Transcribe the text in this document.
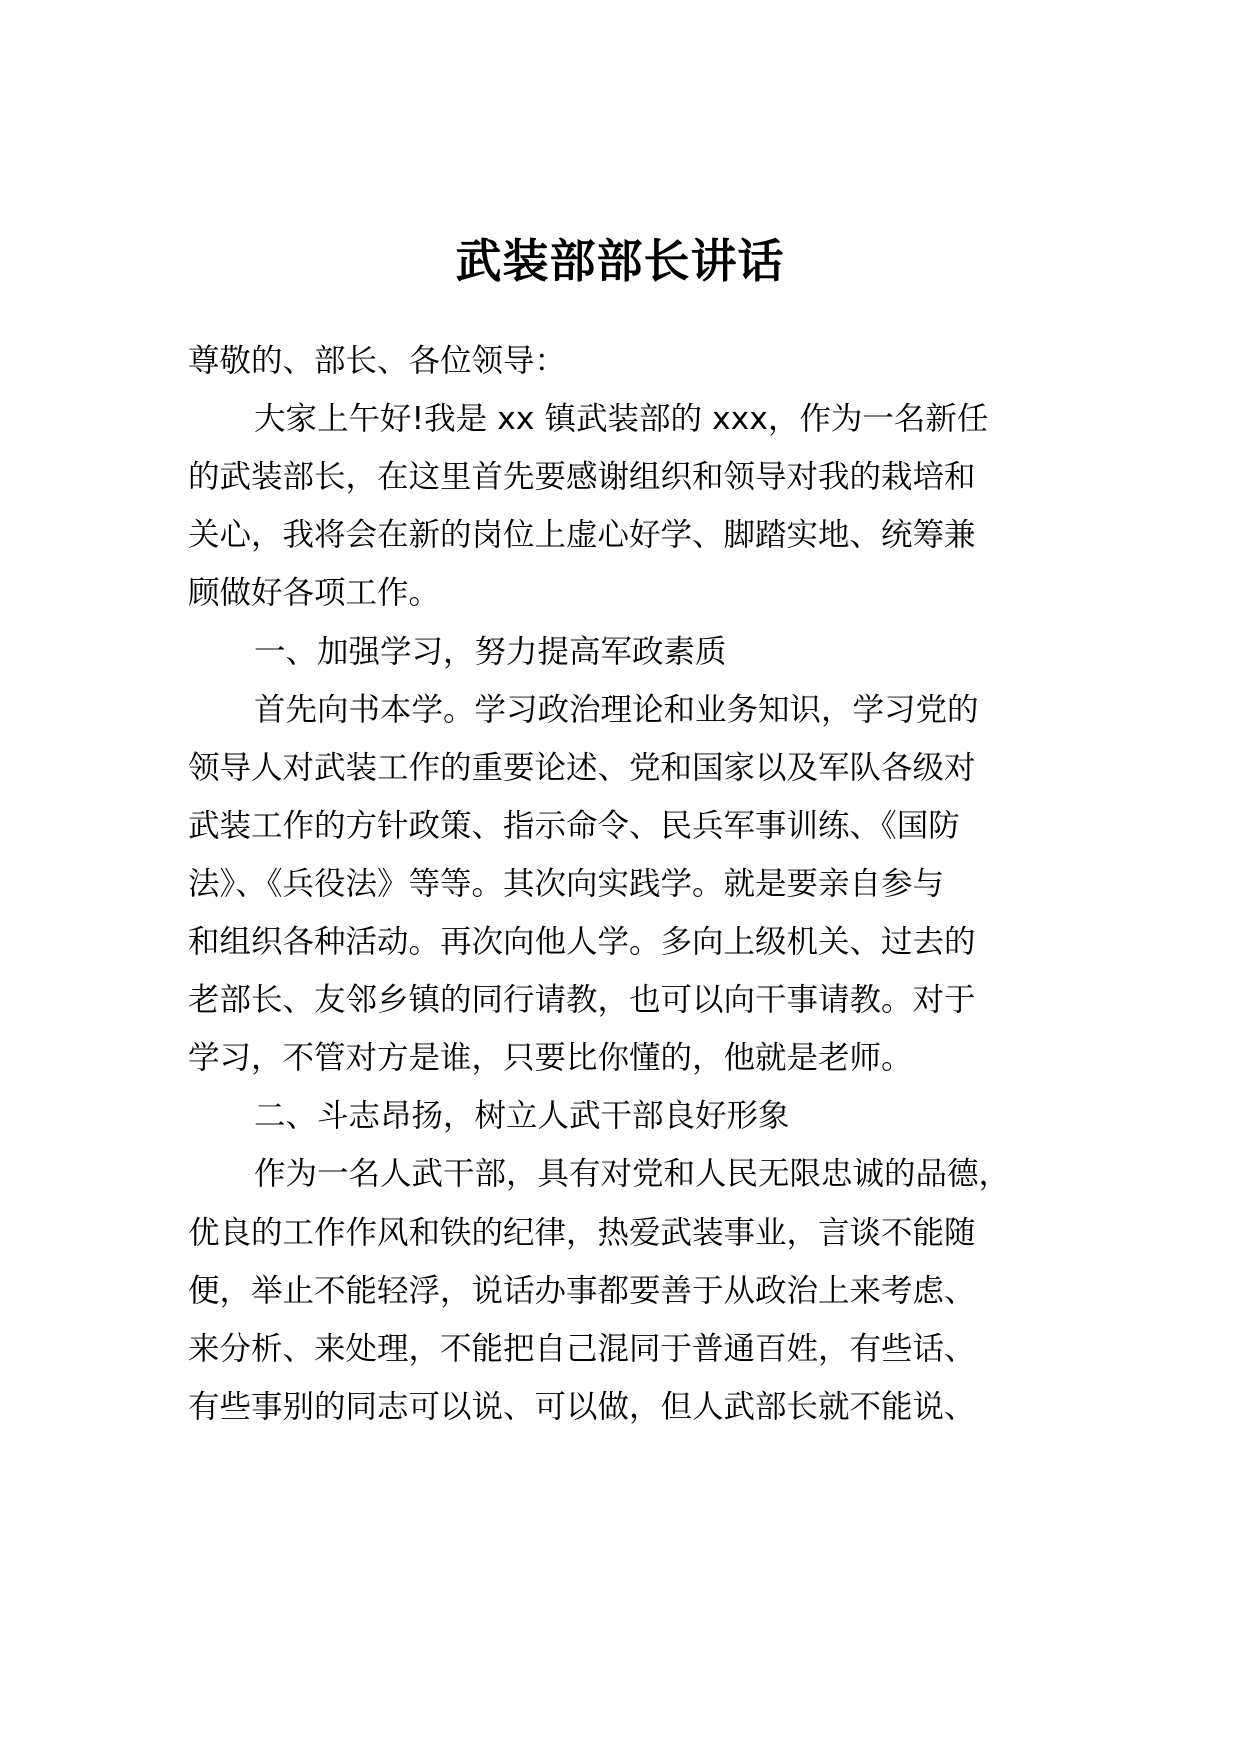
武装部部长讲话
尊敬的、部长、各位领导：
大家上午好!我是 xx 镇武装部的 xxx，作为一名新任
的武装部长，在这里首先要感谢组织和领导对我的栽培和
关心，我将会在新的岗位上虚心好学、脚踏实地、统筹兼
顾做好各项工作。
一、加强学习，努力提高军政素质
首先向书本学。学习政治理论和业务知识，学习党的
领导人对武装工作的重要论述、党和国家以及军队各级对
武装工作的方针政策、指示命令、民兵军事训练、《国防
法》、《兵役法》等等。其次向实践学。就是要亲自参与
和组织各种活动。再次向他人学。多向上级机关、过去的
老部长、友邻乡镇的同行请教，也可以向干事请教。对于
学习，不管对方是谁，只要比你懂的，他就是老师。
二、斗志昂扬，树立人武干部良好形象
作为一名人武干部，具有对党和人民无限忠诚的品德，
优良的工作作风和铁的纪律，热爱武装事业，言谈不能随
便，举止不能轻浮，说话办事都要善于从政治上来考虑、
来分析、来处理，不能把自己混同于普通百姓，有些话、
有些事别的同志可以说、可以做，但人武部长就不能说、
